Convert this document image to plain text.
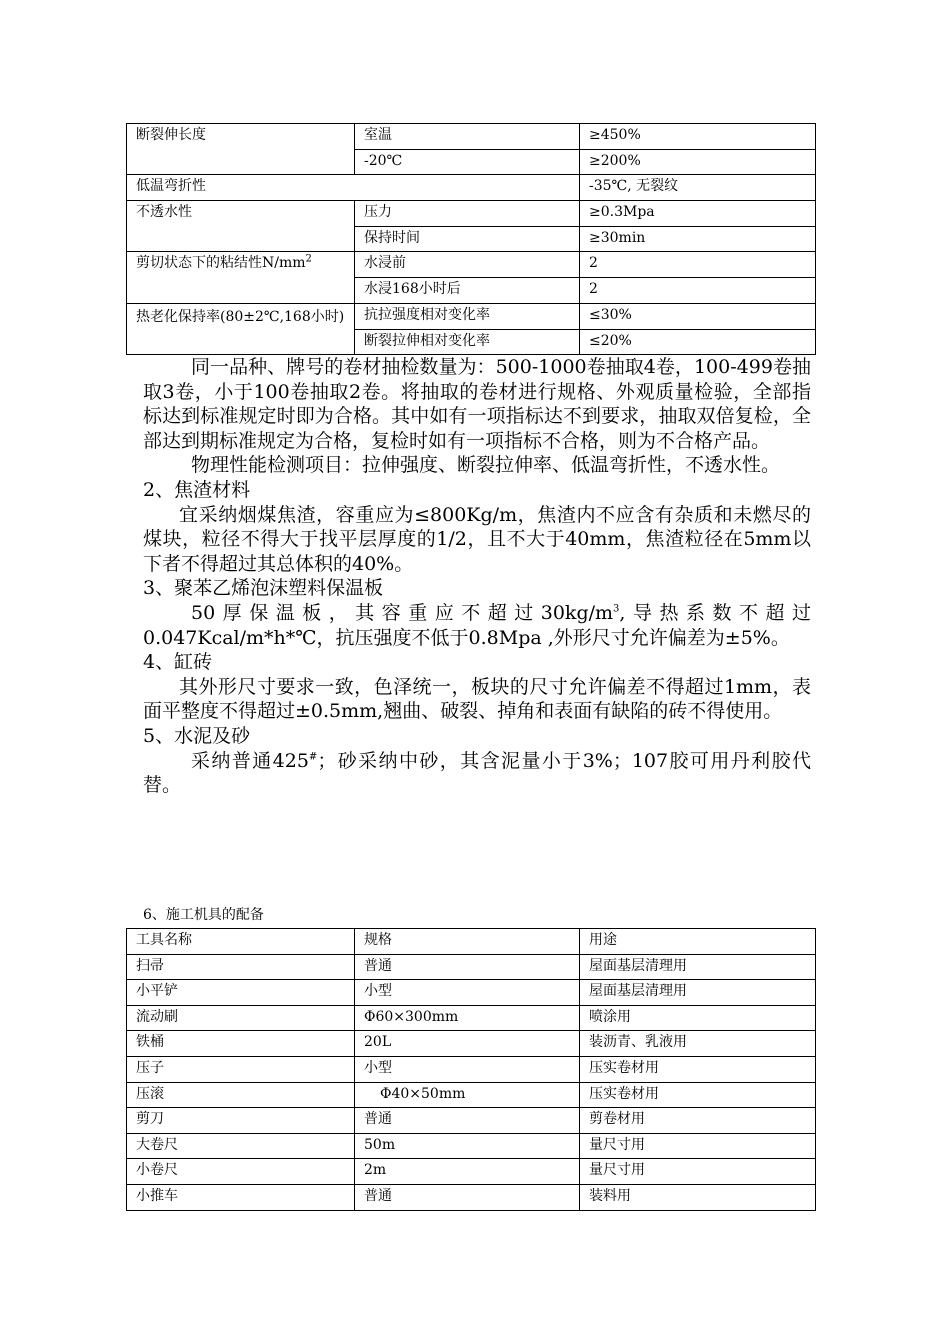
断裂伸长度	室温	≥450%
	-20℃	≥200%
低温弯折性		-35℃, 无裂纹
不透水性	压力	≥0.3Mpa
	保持时间	≥30min
剪切状态下的粘结性$N/mm^2$	水浸前	2
	水浸168小时后	2
热老化保持率(80±2℃,168小时)	抗拉强度相对变化率	≤30%
	断裂拉伸相对变化率	≤20%

同一品种、牌号的卷材抽检数量为：500-1000卷抽取4卷，100-499卷抽取3卷，小于100卷抽取2卷。将抽取的卷材进行规格、外观质量检验，全部指标达到标准规定时即为合格。其中如有一项指标达不到要求，抽取双倍复检，全部达到期标准规定为合格，复检时如有一项指标不合格，则为不合格产品。

物理性能检测项目：拉伸强度、断裂拉伸率、低温弯折性，不透水性。

2、焦渣材料

宜采纳烟煤焦渣，容重应为≤800Kg/m，焦渣内不应含有杂质和未燃尽的煤块，粒径不得大于找平层厚度的1/2，且不大于40mm，焦渣粒径在5mm以下者不得超过其总体积的40%。

3、聚苯乙烯泡沫塑料保温板

50厚保温板，其容重应不超过$30kg/m^3$,导热系数不超过0.047Kcal/m*h*℃，抗压强度不低于0.8Mpa ,外形尺寸允许偏差为±5%。

4、缸砖

其外形尺寸要求一致，色泽统一，板块的尺寸允许偏差不得超过1mm，表面平整度不得超过±0.5mm,翘曲、破裂、掉角和表面有缺陷的砖不得使用。

5、水泥及砂

采纳普通425#；砂采纳中砂，其含泥量小于3%；107胶可用丹利胶代替。

6、施工机具的配备
工具名称	规格	用途
扫帚	普通	屋面基层清理用
小平铲	小型	屋面基层清理用
流动刷	Φ60×300mm	喷涂用
铁桶	20L	装沥青、乳液用
压子	小型	压实卷材用
压滚	Φ40×50mm	压实卷材用
剪刀	普通	剪卷材用
大卷尺	50m	量尺寸用
小卷尺	2m	量尺寸用
小推车	普通	装料用
